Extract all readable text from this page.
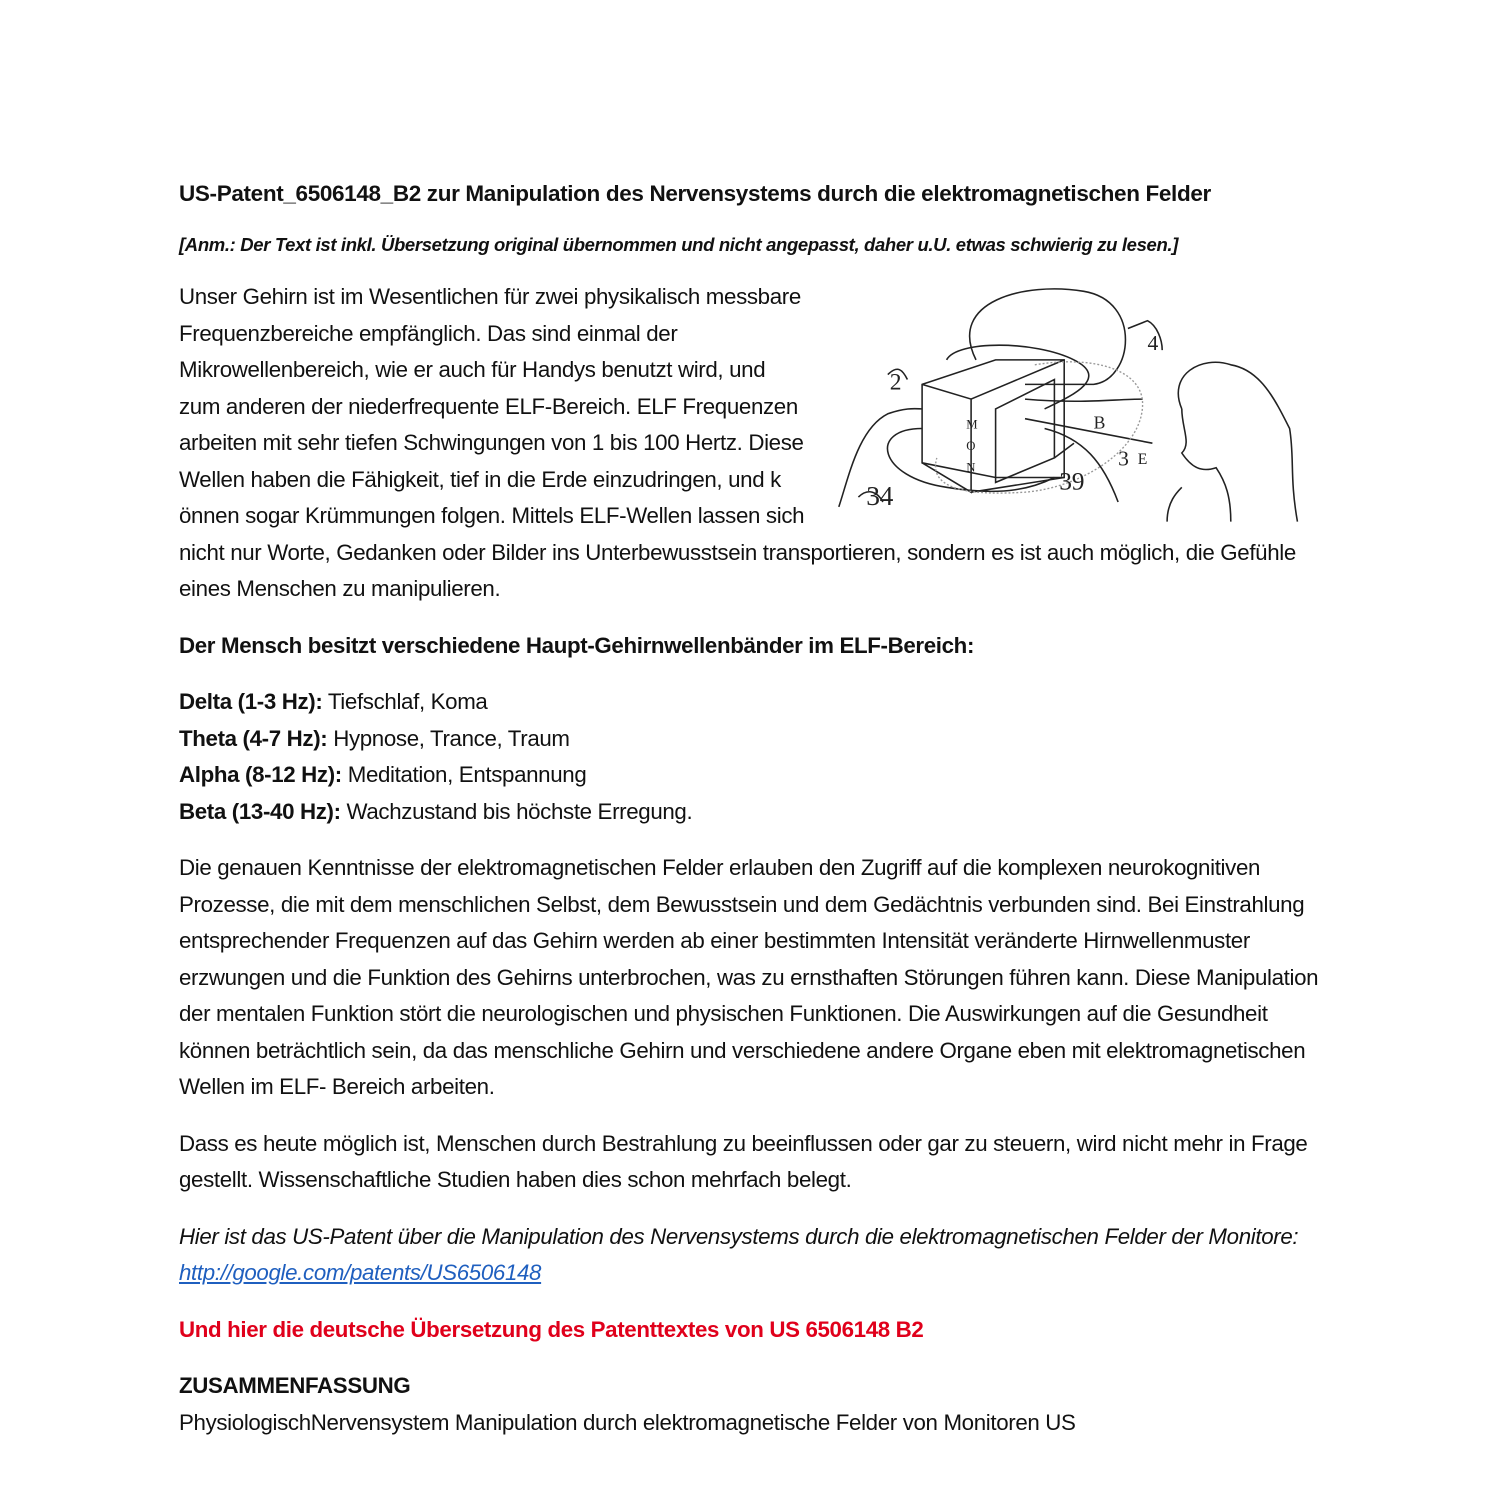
US-Patent_6506148_B2 zur Manipulation des Nervensystems durch die elektromagnetischen Felder

[Anm.: Der Text ist inkl. Übersetzung original übernommen und nicht angepasst, daher u.U. etwas schwierig zu lesen.]

2
4
34
39
3 E
B
M
O
N

Unser Gehirn ist im Wesentlichen für zwei physikalisch messbare Frequenzbereiche empfänglich. Das sind einmal der Mikrowellenbereich, wie er auch für Handys benutzt wird, und zum anderen der niederfrequente ELF-Bereich. ELF Frequenzen arbeiten mit sehr tiefen Schwingungen von 1 bis 100 Hertz. Diese Wellen haben die Fähigkeit, tief in die Erde einzudringen, und k önnen sogar Krümmungen folgen. Mittels ELF-Wellen lassen sich nicht nur Worte, Gedanken oder Bilder ins Unterbewusstsein transportieren, sondern es ist auch möglich, die Gefühle eines Menschen zu manipulieren.

Der Mensch besitzt verschiedene Haupt-Gehirnwellenbänder im ELF-Bereich:

Delta (1-3 Hz): Tiefschlaf, Koma

Theta (4-7 Hz): Hypnose, Trance, Traum

Alpha (8-12 Hz): Meditation, Entspannung

Beta (13-40 Hz): Wachzustand bis höchste Erregung.

Die genauen Kenntnisse der elektromagnetischen Felder erlauben den Zugriff auf die komplexen neurokognitiven Prozesse, die mit dem menschlichen Selbst, dem Bewusstsein und dem Gedächtnis verbunden sind. Bei Einstrahlung entsprechender Frequenzen auf das Gehirn werden ab einer bestimmten Intensität veränderte Hirnwellenmuster erzwungen und die Funktion des Gehirns unterbrochen, was zu ernsthaften Störungen führen kann. Diese Manipulation der mentalen Funktion stört die neurologischen und physischen Funktionen. Die Auswirkungen auf die Gesundheit können beträchtlich sein, da das menschliche Gehirn und verschiedene andere Organe eben mit elektromagnetischen Wellen im ELF- Bereich arbeiten.

Dass es heute möglich ist, Menschen durch Bestrahlung zu beeinflussen oder gar zu steuern, wird nicht mehr in Frage gestellt. Wissenschaftliche Studien haben dies schon mehrfach belegt.

Hier ist das US-Patent über die Manipulation des Nervensystems durch die elektromagnetischen Felder der Monitore: http://google.com/patents/US6506148

Und hier die deutsche Übersetzung des Patenttextes von US 6506148 B2

ZUSAMMENFASSUNG

PhysiologischNervensystem Manipulation durch elektromagnetische Felder von Monitoren US
